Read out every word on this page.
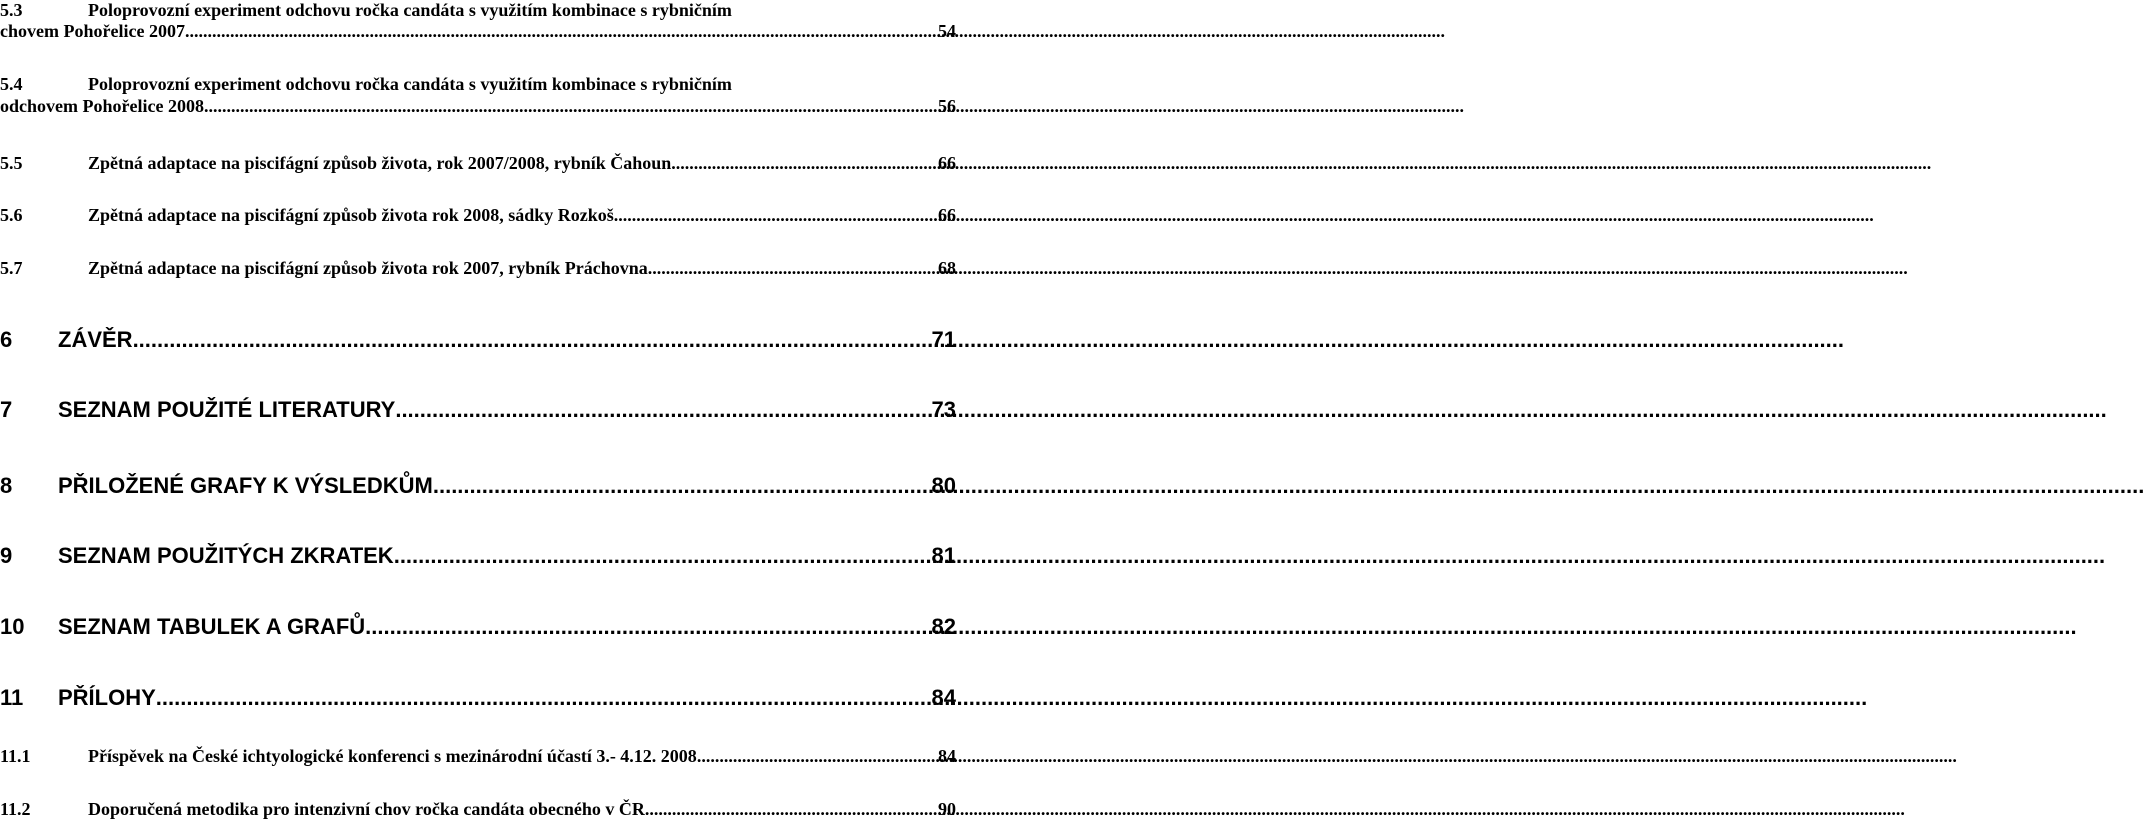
5.3	Poloprovozní experiment odchovu ročka candáta s využitím kombinace s rybničním
chovem Pohořelice 2007 .....	54
5.4	Poloprovozní experiment odchovu ročka candáta s využitím kombinace s rybničním
odchovem Pohořelice 2008 .....	56
5.5	Zpětná adaptace na piscifágní způsob života, rok 2007/2008, rybník Čahoun .....	66
5.6	Zpětná adaptace na piscifágní způsob života rok 2008, sádky Rozkoš .....	66
5.7	Zpětná adaptace na piscifágní způsob života rok 2007, rybník Práchovna .....	68
6	ZÁVĚR .....	71
7	SEZNAM POUŽITÉ LITERATURY .....	73
8	PŘILOŽENÉ GRAFY K VÝSLEDKŮM .....	80
9	SEZNAM POUŽITÝCH ZKRATEK .....	81
10	SEZNAM TABULEK A GRAFŮ .....	82
11	PŘÍLOHY .....	84
11.1	Příspěvek na České ichtyologické konferenci s mezinárodní účastí 3.- 4.12. 2008 .....	84
11.2	Doporučená metodika pro intenzivní chov ročka candáta obecného v ČR .....	90
